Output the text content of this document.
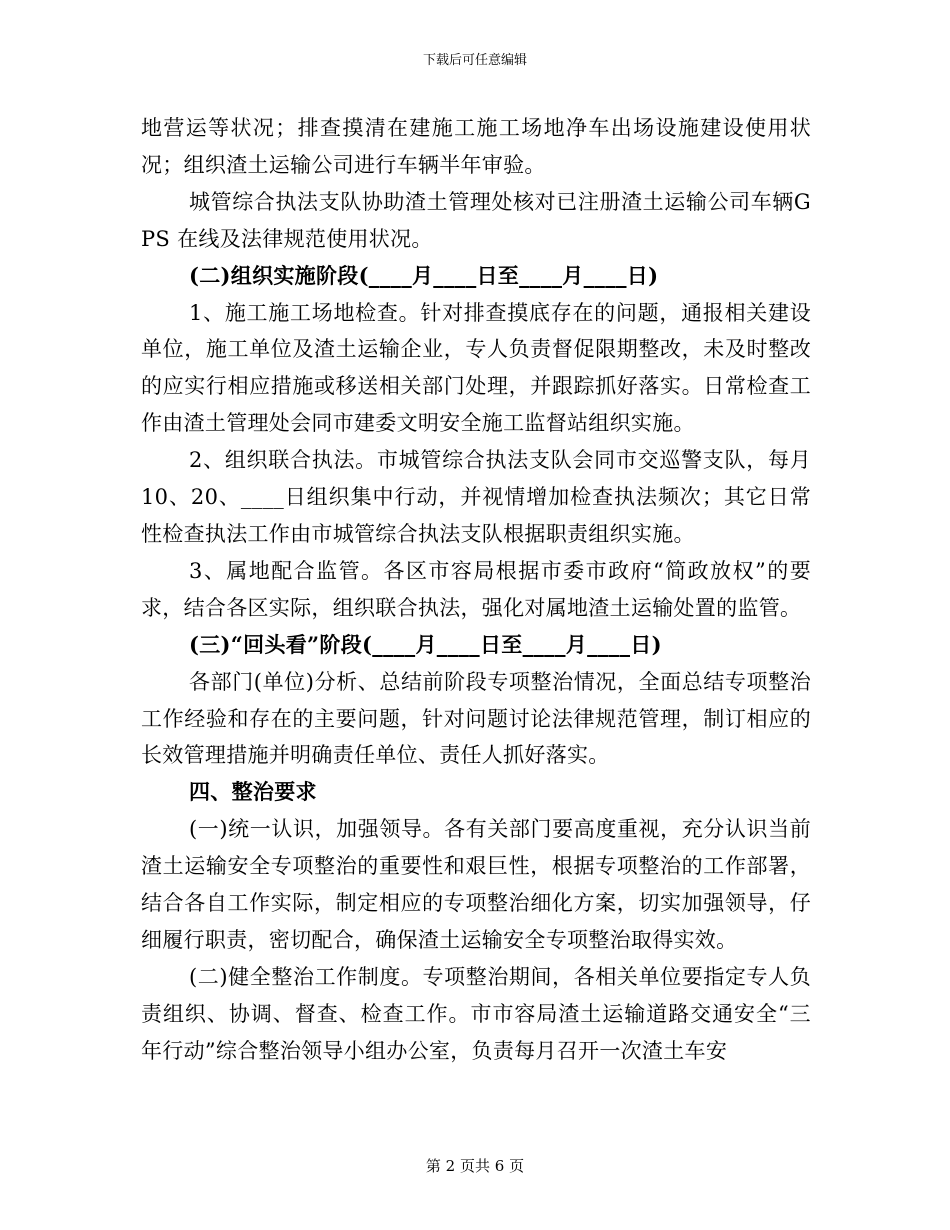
下载后可任意编辑

地营运等状况；排查摸清在建施工施工场地净车出场设施建设使用状况；组织渣土运输公司进行车辆半年审验。

城管综合执法支队协助渣土管理处核对已注册渣土运输公司车辆GPS 在线及法律规范使用状况。

(二)组织实施阶段(____月____日至____月____日)

1、施工施工场地检查。针对排查摸底存在的问题，通报相关建设单位，施工单位及渣土运输企业，专人负责督促限期整改，未及时整改的应实行相应措施或移送相关部门处理，并跟踪抓好落实。日常检查工作由渣土管理处会同市建委文明安全施工监督站组织实施。

2、组织联合执法。市城管综合执法支队会同市交巡警支队，每月10、20、____日组织集中行动，并视情增加检查执法频次；其它日常性检查执法工作由市城管综合执法支队根据职责组织实施。

3、属地配合监管。各区市容局根据市委市政府“简政放权”的要求，结合各区实际，组织联合执法，强化对属地渣土运输处置的监管。

(三)“回头看”阶段(____月____日至____月____日)

各部门(单位)分析、总结前阶段专项整治情况，全面总结专项整治工作经验和存在的主要问题，针对问题讨论法律规范管理，制订相应的长效管理措施并明确责任单位、责任人抓好落实。

四、整治要求

(一)统一认识，加强领导。各有关部门要高度重视，充分认识当前渣土运输安全专项整治的重要性和艰巨性，根据专项整治的工作部署，结合各自工作实际，制定相应的专项整治细化方案，切实加强领导，仔细履行职责，密切配合，确保渣土运输安全专项整治取得实效。

(二)健全整治工作制度。专项整治期间，各相关单位要指定专人负责组织、协调、督查、检查工作。市市容局渣土运输道路交通安全“三年行动”综合整治领导小组办公室，负责每月召开一次渣土车安

第 2 页共 6 页
